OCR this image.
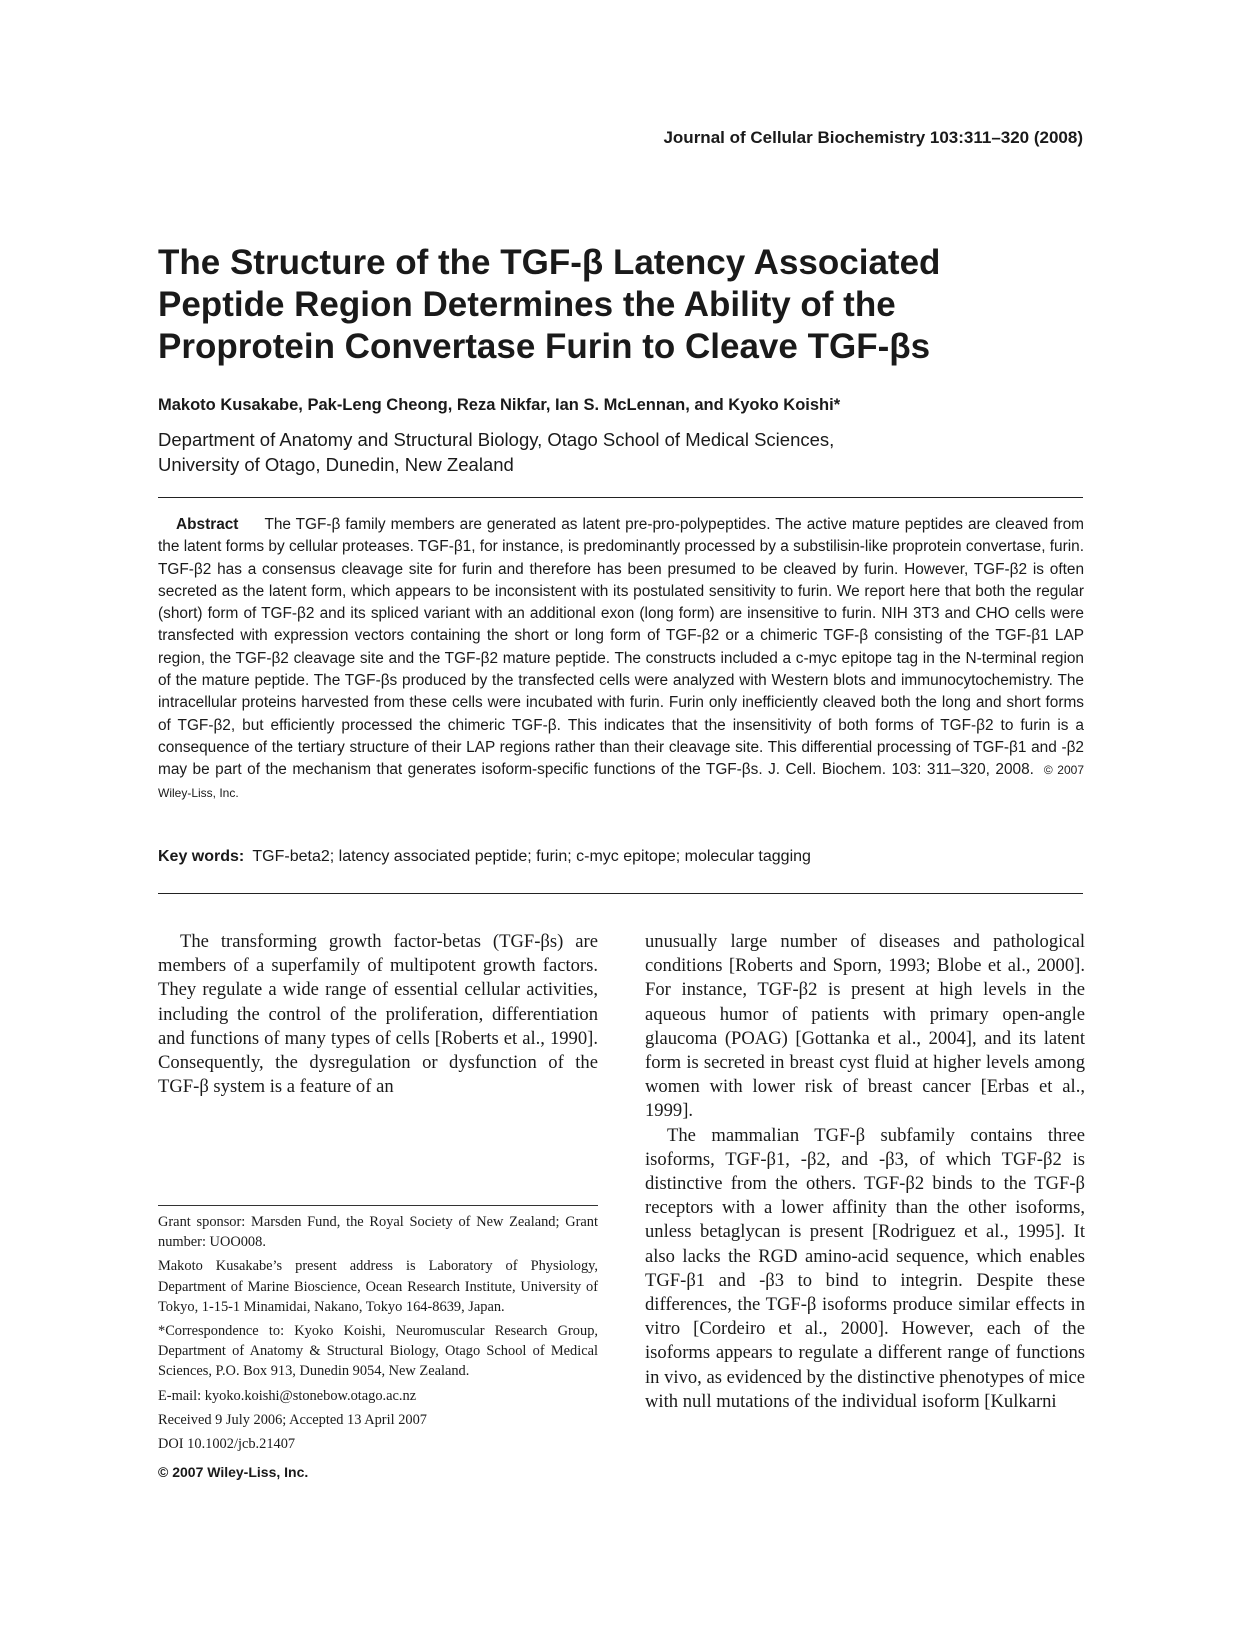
Journal of Cellular Biochemistry 103:311–320 (2008)
The Structure of the TGF-β Latency Associated
Peptide Region Determines the Ability of the
Proprotein Convertase Furin to Cleave TGF-βs
Makoto Kusakabe, Pak-Leng Cheong, Reza Nikfar, Ian S. McLennan, and Kyoko Koishi*
Department of Anatomy and Structural Biology, Otago School of Medical Sciences,
University of Otago, Dunedin, New Zealand
Abstract The TGF-β family members are generated as latent pre-pro-polypeptides. The active mature peptides are cleaved from the latent forms by cellular proteases. TGF-β1, for instance, is predominantly processed by a substilisin-like proprotein convertase, furin. TGF-β2 has a consensus cleavage site for furin and therefore has been presumed to be cleaved by furin. However, TGF-β2 is often secreted as the latent form, which appears to be inconsistent with its postulated sensitivity to furin. We report here that both the regular (short) form of TGF-β2 and its spliced variant with an additional exon (long form) are insensitive to furin. NIH 3T3 and CHO cells were transfected with expression vectors containing the short or long form of TGF-β2 or a chimeric TGF-β consisting of the TGF-β1 LAP region, the TGF-β2 cleavage site and the TGF-β2 mature peptide. The constructs included a c-myc epitope tag in the N-terminal region of the mature peptide. The TGF-βs produced by the transfected cells were analyzed with Western blots and immunocytochemistry. The intracellular proteins harvested from these cells were incubated with furin. Furin only inefficiently cleaved both the long and short forms of TGF-β2, but efficiently processed the chimeric TGF-β. This indicates that the insensitivity of both forms of TGF-β2 to furin is a consequence of the tertiary structure of their LAP regions rather than their cleavage site. This differential processing of TGF-β1 and -β2 may be part of the mechanism that generates isoform-specific functions of the TGF-βs. J. Cell. Biochem. 103: 311–320, 2008. © 2007 Wiley-Liss, Inc.
Key words: TGF-beta2; latency associated peptide; furin; c-myc epitope; molecular tagging

The transforming growth factor-betas (TGF-βs) are members of a superfamily of multipotent growth factors. They regulate a wide range of essential cellular activities, including the control of the proliferation, differentiation and functions of many types of cells [Roberts et al., 1990]. Consequently, the dysregulation or dysfunction of the TGF-β system is a feature of an

unusually large number of diseases and pathological conditions [Roberts and Sporn, 1993; Blobe et al., 2000]. For instance, TGF-β2 is present at high levels in the aqueous humor of patients with primary open-angle glaucoma (POAG) [Gottanka et al., 2004], and its latent form is secreted in breast cyst fluid at higher levels among women with lower risk of breast cancer [Erbas et al., 1999].

The mammalian TGF-β subfamily contains three isoforms, TGF-β1, -β2, and -β3, of which TGF-β2 is distinctive from the others. TGF-β2 binds to the TGF-β receptors with a lower affinity than the other isoforms, unless betaglycan is present [Rodriguez et al., 1995]. It also lacks the RGD amino-acid sequence, which enables TGF-β1 and -β3 to bind to integrin. Despite these differences, the TGF-β isoforms produce similar effects in vitro [Cordeiro et al., 2000]. However, each of the isoforms appears to regulate a different range of functions in vivo, as evidenced by the distinctive phenotypes of mice with null mutations of the individual isoform [Kulkarni

Grant sponsor: Marsden Fund, the Royal Society of New Zealand; Grant number: UOO008.

Makoto Kusakabe’s present address is Laboratory of Physiology, Department of Marine Bioscience, Ocean Research Institute, University of Tokyo, 1-15-1 Minamidai, Nakano, Tokyo 164-8639, Japan.

*Correspondence to: Kyoko Koishi, Neuromuscular Research Group, Department of Anatomy & Structural Biology, Otago School of Medical Sciences, P.O. Box 913, Dunedin 9054, New Zealand.

E-mail: kyoko.koishi@stonebow.otago.ac.nz

Received 9 July 2006; Accepted 13 April 2007

DOI 10.1002/jcb.21407

© 2007 Wiley-Liss, Inc.
